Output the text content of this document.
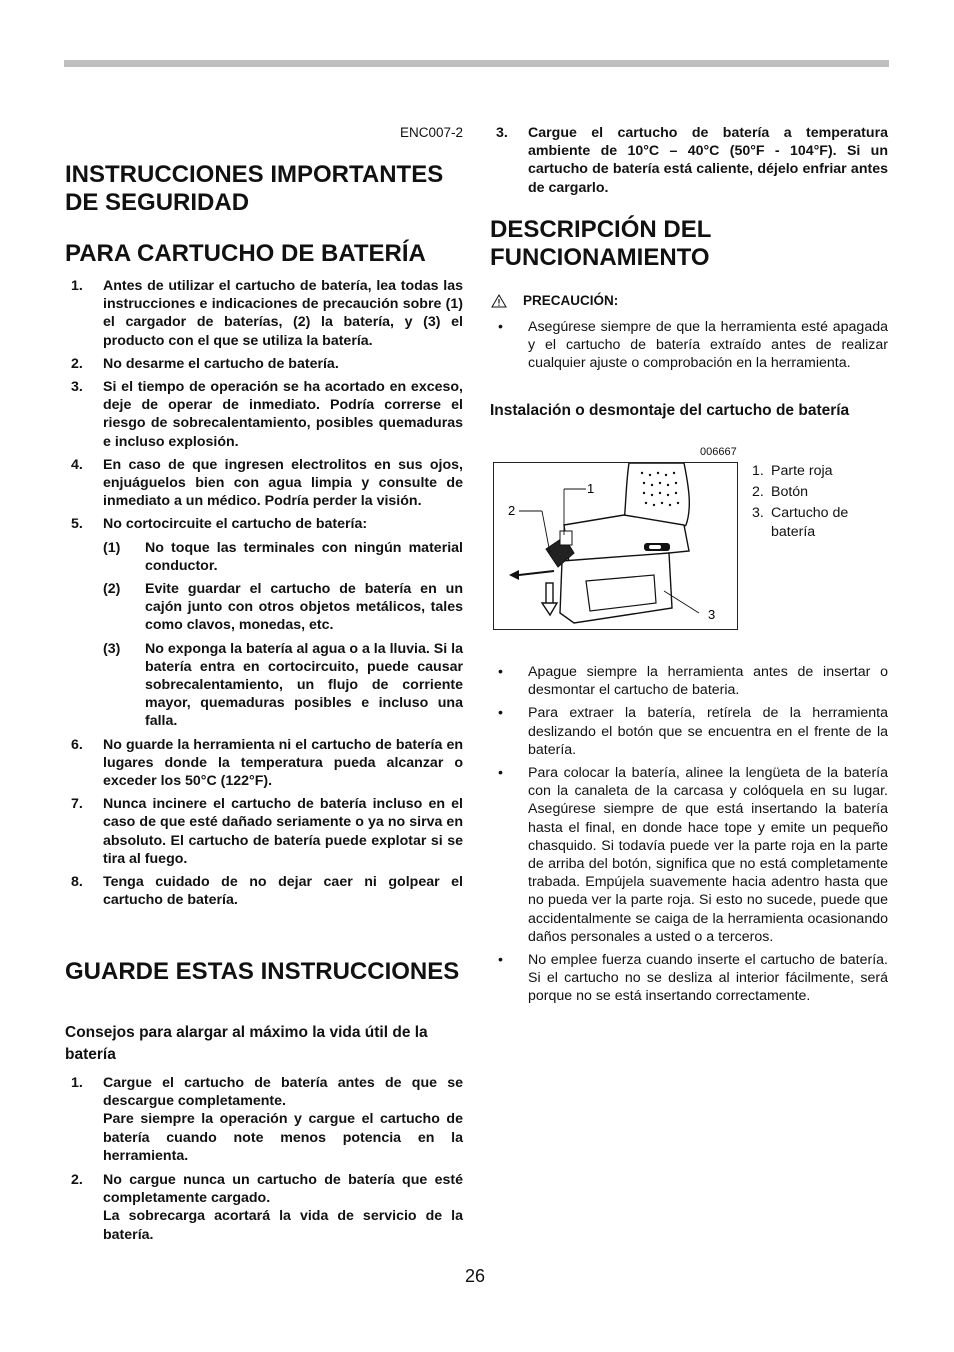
ENC007-2
INSTRUCCIONES IMPORTANTES DE SEGURIDAD
PARA CARTUCHO DE BATERÍA
1. Antes de utilizar el cartucho de batería, lea todas las instrucciones e indicaciones de precaución sobre (1) el cargador de baterías, (2) la batería, y (3) el producto con el que se utiliza la batería.
2. No desarme el cartucho de batería.
3. Si el tiempo de operación se ha acortado en exceso, deje de operar de inmediato. Podría correrse el riesgo de sobrecalentamiento, posibles quemaduras e incluso explosión.
4. En caso de que ingresen electrolitos en sus ojos, enjuáguelos bien con agua limpia y consulte de inmediato a un médico. Podría perder la visión.
5. No cortocircuite el cartucho de batería:
(1) No toque las terminales con ningún material conductor.
(2) Evite guardar el cartucho de batería en un cajón junto con otros objetos metálicos, tales como clavos, monedas, etc.
(3) No exponga la batería al agua o a la lluvia. Si la batería entra en cortocircuito, puede causar sobrecalentamiento, un flujo de corriente mayor, quemaduras posibles e incluso una falla.
6. No guarde la herramienta ni el cartucho de batería en lugares donde la temperatura pueda alcanzar o exceder los 50°C (122°F).
7. Nunca incinere el cartucho de batería incluso en el caso de que esté dañado seriamente o ya no sirva en absoluto. El cartucho de batería puede explotar si se tira al fuego.
8. Tenga cuidado de no dejar caer ni golpear el cartucho de batería.
GUARDE ESTAS INSTRUCCIONES
Consejos para alargar al máximo la vida útil de la batería
1. Cargue el cartucho de batería antes de que se descargue completamente.
Pare siempre la operación y cargue el cartucho de batería cuando note menos potencia en la herramienta.
2. No cargue nunca un cartucho de batería que esté completamente cargado.
La sobrecarga acortará la vida de servicio de la batería.
3. Cargue el cartucho de batería a temperatura ambiente de 10°C – 40°C (50°F - 104°F). Si un cartucho de batería está caliente, déjelo enfriar antes de cargarlo.
DESCRIPCIÓN DEL FUNCIONAMIENTO
PRECAUCIÓN:
• Asegúrese siempre de que la herramienta esté apagada y el cartucho de batería extraído antes de realizar cualquier ajuste o comprobación en la herramienta.
Instalación o desmontaje del cartucho de batería
006667
1
2
3
1. Parte roja
2. Botón
3. Cartucho de batería
• Apague siempre la herramienta antes de insertar o desmontar el cartucho de bateria.
• Para extraer la batería, retírela de la herramienta deslizando el botón que se encuentra en el frente de la batería.
• Para colocar la batería, alinee la lengüeta de la batería con la canaleta de la carcasa y colóquela en su lugar. Asegúrese siempre de que está insertando la batería hasta el final, en donde hace tope y emite un pequeño chasquido. Si todavía puede ver la parte roja en la parte de arriba del botón, significa que no está completamente trabada. Empújela suavemente hacia adentro hasta que no pueda ver la parte roja. Si esto no sucede, puede que accidentalmente se caiga de la herramienta ocasionando daños personales a usted o a terceros.
• No emplee fuerza cuando inserte el cartucho de batería. Si el cartucho no se desliza al interior fácilmente, será porque no se está insertando correctamente.
26
